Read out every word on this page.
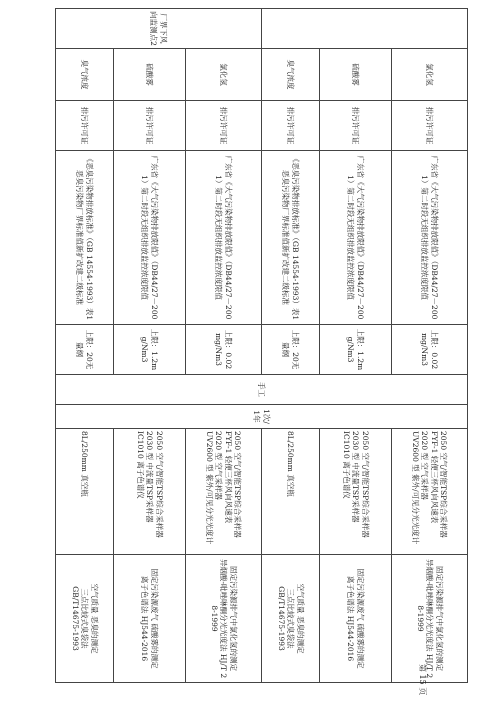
	氯化氢	排污许可证	广东省《大气污染物排放限值》（DB44/27－2001）第二时段无组织排放监控浓度限值	上限：0.02mg/Nm3	手工	1次/1年	2050 空气/智能TSP综合采样器
FYF-1 轻便三杯风向风速表
2020 型 空气采样器
UV2600 型 紫外/可见分光光度计	固定污染源排气中氯化氢的测定
异烟酸-吡唑啉酮分光光度法 HJ/T 28-1999
	硫酸雾	排污许可证	广东省《大气污染物排放限值》（DB44/27－2001）第二时段无组织排放监控浓度限值	上限：1.2mg/Nm3			2050 空气/智能TSP综合采样器
2030 型 中流量TSP采样器
IC1010 离子色谱仪	固定污染源废气 硫酸雾的测定
离子色谱法 HJ544-2016
	臭气浓度	排污许可证	《恶臭污染物排放标准》（GB 14554-1993）表1 恶臭污染物厂界标准值新扩改建二级标准	上限：20无量纲			8L/250mm 真空瓶	空气质量 恶臭的测定
三点比较式臭袋法
GB/T14675-1993
厂界下风向监测点2	氯化氢	排污许可证	广东省《大气污染物排放限值》（DB44/27－2001）第二时段无组织排放监控浓度限值	上限：0.02mg/Nm3			2050 空气/智能TSP综合采样器
FYF-1 轻便三杯风向风速表
2020 型 空气采样器
UV2600 型 紫外/可见分光光度计	固定污染源排气中氯化氢的测定
异烟酸-吡唑啉酮分光光度法 HJ/T 28-1999
	硫酸雾	排污许可证	广东省《大气污染物排放限值》（DB44/27－2001）第二时段无组织排放监控浓度限值	上限：1.2mg/Nm3			2050 空气/智能TSP综合采样器
2030 型 中流量TSP采样器
IC1010 离子色谱仪	固定污染源废气 硫酸雾的测定
离子色谱法 HJ544-2016
	臭气浓度	排污许可证	《恶臭污染物排放标准》（GB 14554-1993）表1 恶臭污染物厂界标准值新扩改建二级标准	上限：20无量纲			8L/250mm 真空瓶	空气质量 恶臭的测定
三点比较式臭袋法
GB/T14675-1993
第 15 页
